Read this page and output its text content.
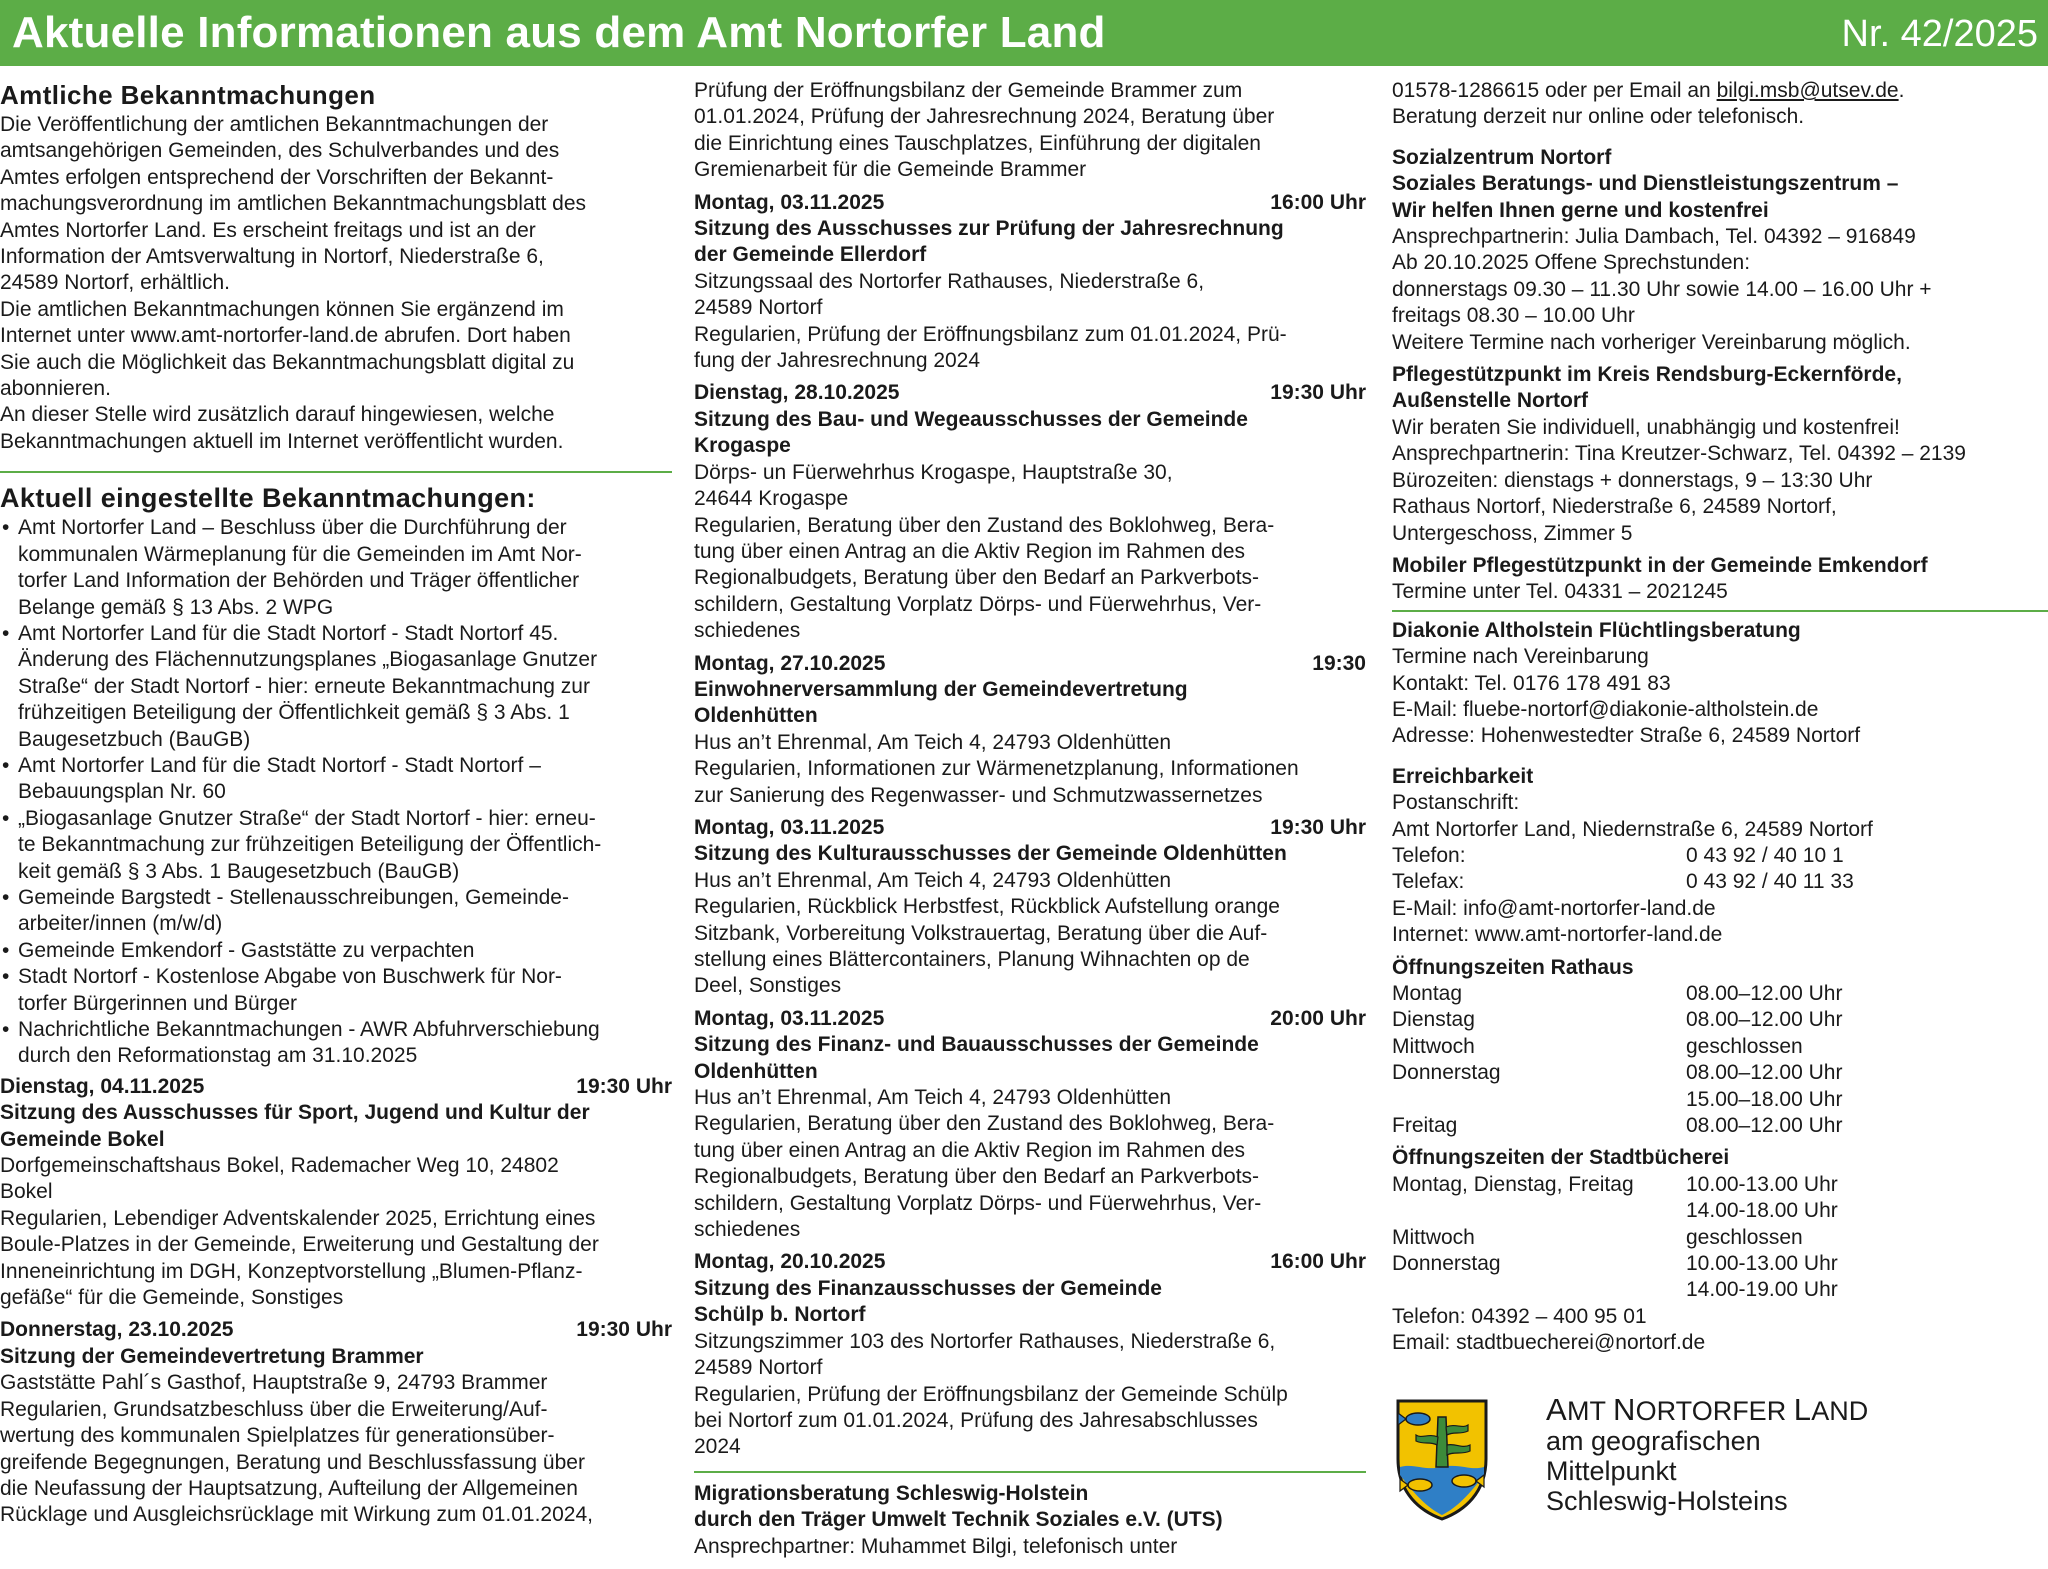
Aktuelle Informationen aus dem Amt Nortorfer Land	Nr. 42/2025
Amtliche Bekanntmachungen

Die Veröffentlichung der amtlichen Bekanntmachungen der

amtsangehörigen Gemeinden, des Schulverbandes und des

Amtes erfolgen entsprechend der Vorschriften der Bekannt-

machungsverordnung im amtlichen Bekanntmachungsblatt des

Amtes Nortorfer Land. Es erscheint freitags und ist an der

Information der Amtsverwaltung in Nortorf, Niederstraße 6,

24589 Nortorf, erhältlich.

Die amtlichen Bekanntmachungen können Sie ergänzend im

Internet unter www.amt-nortorfer-land.de abrufen. Dort haben

Sie auch die Möglichkeit das Bekanntmachungsblatt digital zu

abonnieren.

An dieser Stelle wird zusätzlich darauf hingewiesen, welche

Bekanntmachungen aktuell im Internet veröffentlicht wurden.

Aktuell eingestellte Bekanntmachungen:

• Amt Nortorfer Land – Beschluss über die Durchführung der

kommunalen Wärmeplanung für die Gemeinden im Amt Nor-

torfer Land Information der Behörden und Träger öffentlicher

Belange gemäß § 13 Abs. 2 WPG

• Amt Nortorfer Land für die Stadt Nortorf - Stadt Nortorf 45.

Änderung des Flächennutzungsplanes „Biogasanlage Gnutzer

Straße“ der Stadt Nortorf - hier: erneute Bekanntmachung zur

frühzeitigen Beteiligung der Öffentlichkeit gemäß § 3 Abs. 1

Baugesetzbuch (BauGB)

• Amt Nortorfer Land für die Stadt Nortorf - Stadt Nortorf –

Bebauungsplan Nr. 60

• „Biogasanlage Gnutzer Straße“ der Stadt Nortorf - hier: erneu-

te Bekanntmachung zur frühzeitigen Beteiligung der Öffentlich-

keit gemäß § 3 Abs. 1 Baugesetzbuch (BauGB)

• Gemeinde Bargstedt - Stellenausschreibungen, Gemeinde-

arbeiter/innen (m/w/d)

• Gemeinde Emkendorf - Gaststätte zu verpachten

• Stadt Nortorf - Kostenlose Abgabe von Buschwerk für Nor-

torfer Bürgerinnen und Bürger

• Nachrichtliche Bekanntmachungen - AWR Abfuhrverschiebung

durch den Reformationstag am 31.10.2025

Dienstag, 04.11.2025	19:30 Uhr

Sitzung des Ausschusses für Sport, Jugend und Kultur der

Gemeinde Bokel

Dorfgemeinschaftshaus Bokel, Rademacher Weg 10, 24802

Bokel

Regularien, Lebendiger Adventskalender 2025, Errichtung eines

Boule-Platzes in der Gemeinde, Erweiterung und Gestaltung der

Inneneinrichtung im DGH, Konzeptvorstellung „Blumen-Pflanz-

gefäße“ für die Gemeinde, Sonstiges

Donnerstag, 23.10.2025	19:30 Uhr

Sitzung der Gemeindevertretung Brammer

Gaststätte Pahl´s Gasthof, Hauptstraße 9, 24793 Brammer

Regularien, Grundsatzbeschluss über die Erweiterung/Auf-

wertung des kommunalen Spielplatzes für generationsüber-

greifende Begegnungen, Beratung und Beschlussfassung über

die Neufassung der Hauptsatzung, Aufteilung der Allgemeinen

Rücklage und Ausgleichsrücklage mit Wirkung zum 01.01.2024,

Prüfung der Eröffnungsbilanz der Gemeinde Brammer zum

01.01.2024, Prüfung der Jahresrechnung 2024, Beratung über

die Einrichtung eines Tauschplatzes, Einführung der digitalen

Gremienarbeit für die Gemeinde Brammer

Montag, 03.11.2025	16:00 Uhr

Sitzung des Ausschusses zur Prüfung der Jahresrechnung

der Gemeinde Ellerdorf

Sitzungssaal des Nortorfer Rathauses, Niederstraße 6,

24589 Nortorf

Regularien, Prüfung der Eröffnungsbilanz zum 01.01.2024, Prü-

fung der Jahresrechnung 2024

Dienstag, 28.10.2025	19:30 Uhr

Sitzung des Bau- und Wegeausschusses der Gemeinde

Krogaspe

Dörps- un Füerwehrhus Krogaspe, Hauptstraße 30,

24644 Krogaspe

Regularien, Beratung über den Zustand des Boklohweg, Bera-

tung über einen Antrag an die Aktiv Region im Rahmen des

Regionalbudgets, Beratung über den Bedarf an Parkverbots-

schildern, Gestaltung Vorplatz Dörps- und Füerwehrhus, Ver-

schiedenes

Montag, 27.10.2025	19:30

Einwohnerversammlung der Gemeindevertretung

Oldenhütten

Hus an’t Ehrenmal, Am Teich 4, 24793 Oldenhütten

Regularien, Informationen zur Wärmenetzplanung, Informationen

zur Sanierung des Regenwasser- und Schmutzwassernetzes

Montag, 03.11.2025	19:30 Uhr

Sitzung des Kulturausschusses der Gemeinde Oldenhütten

Hus an’t Ehrenmal, Am Teich 4, 24793 Oldenhütten

Regularien, Rückblick Herbstfest, Rückblick Aufstellung orange

Sitzbank, Vorbereitung Volkstrauertag, Beratung über die Auf-

stellung eines Blättercontainers, Planung Wihnachten op de

Deel, Sonstiges

Montag, 03.11.2025	20:00 Uhr

Sitzung des Finanz- und Bauausschusses der Gemeinde

Oldenhütten

Hus an’t Ehrenmal, Am Teich 4, 24793 Oldenhütten

Regularien, Beratung über den Zustand des Boklohweg, Bera-

tung über einen Antrag an die Aktiv Region im Rahmen des

Regionalbudgets, Beratung über den Bedarf an Parkverbots-

schildern, Gestaltung Vorplatz Dörps- und Füerwehrhus, Ver-

schiedenes

Montag, 20.10.2025	16:00 Uhr

Sitzung des Finanzausschusses der Gemeinde

Schülp b. Nortorf

Sitzungszimmer 103 des Nortorfer Rathauses, Niederstraße 6,

24589 Nortorf

Regularien, Prüfung der Eröffnungsbilanz der Gemeinde Schülp

bei Nortorf zum 01.01.2024, Prüfung des Jahresabschlusses

2024

Migrationsberatung Schleswig-Holstein

durch den Träger Umwelt Technik Soziales e.V. (UTS)

Ansprechpartner: Muhammet Bilgi, telefonisch unter

01578-1286615 oder per Email an bilgi.msb@utsev.de.

Beratung derzeit nur online oder telefonisch.

Sozialzentrum Nortorf

Soziales Beratungs- und Dienstleistungszentrum –

Wir helfen Ihnen gerne und kostenfrei

Ansprechpartnerin: Julia Dambach, Tel. 04392 – 916849

Ab 20.10.2025 Offene Sprechstunden:

donnerstags 09.30 – 11.30 Uhr sowie 14.00 – 16.00 Uhr +

freitags 08.30 – 10.00 Uhr

Weitere Termine nach vorheriger Vereinbarung möglich.

Pflegestützpunkt im Kreis Rendsburg-Eckernförde,

Außenstelle Nortorf

Wir beraten Sie individuell, unabhängig und kostenfrei!

Ansprechpartnerin: Tina Kreutzer-Schwarz, Tel. 04392 – 2139

Bürozeiten: dienstags + donnerstags, 9 – 13:30 Uhr

Rathaus Nortorf, Niederstraße 6, 24589 Nortorf,

Untergeschoss, Zimmer 5

Mobiler Pflegestützpunkt in der Gemeinde Emkendorf

Termine unter Tel. 04331 – 2021245

Diakonie Altholstein Flüchtlingsberatung

Termine nach Vereinbarung

Kontakt: Tel. 0176 178 491 83

E-Mail: fluebe-nortorf@diakonie-altholstein.de

Adresse: Hohenwestedter Straße 6, 24589 Nortorf

Erreichbarkeit

Postanschrift:

Amt Nortorfer Land, Niedernstraße 6, 24589 Nortorf

Telefon:	0 43 92 / 40 10 1
Telefax:	0 43 92 / 40 11 33

E-Mail: info@amt-nortorfer-land.de

Internet: www.amt-nortorfer-land.de

Öffnungszeiten Rathaus

Montag	08.00–12.00 Uhr
Dienstag	08.00–12.00 Uhr
Mittwoch	geschlossen
Donnerstag	08.00–12.00 Uhr
15.00–18.00 Uhr
Freitag	08.00–12.00 Uhr

Öffnungszeiten der Stadtbücherei

Montag, Dienstag, Freitag	10.00-13.00 Uhr
14.00-18.00 Uhr
Mittwoch	geschlossen
Donnerstag	10.00-13.00 Uhr
14.00-19.00 Uhr

Telefon: 04392 – 400 95 01

Email: stadtbuecherei@nortorf.de

AMT NORTORFER LAND
am geografischen
Mittelpunkt
Schleswig-Holsteins
